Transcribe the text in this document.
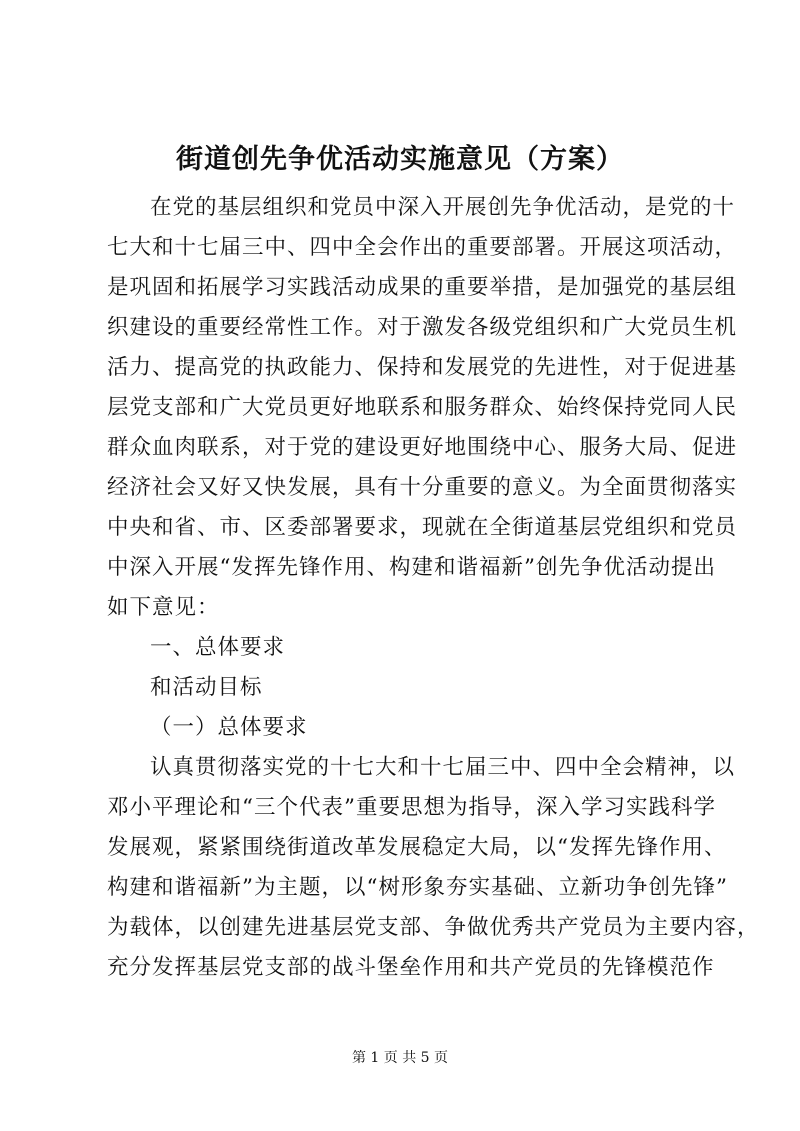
街道创先争优活动实施意见（方案）

在党的基层组织和党员中深入开展创先争优活动，是党的十

七大和十七届三中、四中全会作出的重要部署。开展这项活动，

是巩固和拓展学习实践活动成果的重要举措，是加强党的基层组

织建设的重要经常性工作。对于激发各级党组织和广大党员生机

活力、提高党的执政能力、保持和发展党的先进性，对于促进基

层党支部和广大党员更好地联系和服务群众、始终保持党同人民

群众血肉联系，对于党的建设更好地围绕中心、服务大局、促进

经济社会又好又快发展，具有十分重要的意义。为全面贯彻落实

中央和省、市、区委部署要求，现就在全街道基层党组织和党员

中深入开展“发挥先锋作用、构建和谐福新”创先争优活动提出

如下意见：

一、总体要求

和活动目标

（一）总体要求

认真贯彻落实党的十七大和十七届三中、四中全会精神，以

邓小平理论和“三个代表”重要思想为指导，深入学习实践科学

发展观，紧紧围绕街道改革发展稳定大局，以“发挥先锋作用、

构建和谐福新”为主题，以“树形象夯实基础、立新功争创先锋”

为载体，以创建先进基层党支部、争做优秀共产党员为主要内容，

充分发挥基层党支部的战斗堡垒作用和共产党员的先锋模范作

第 1 页 共 5 页
